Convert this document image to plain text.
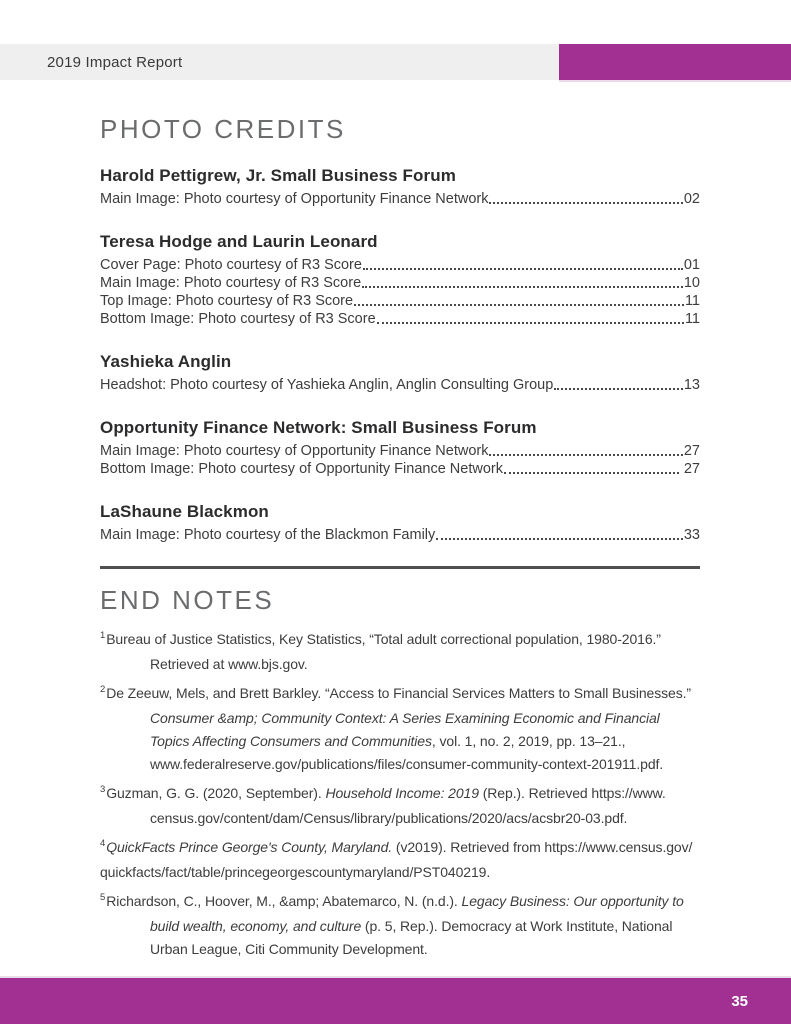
2019 Impact Report
PHOTO CREDITS
Harold Pettigrew, Jr. Small Business Forum
Main Image: Photo courtesy of Opportunity Finance Network	02
Teresa Hodge and Laurin Leonard
Cover Page: Photo courtesy of R3 Score	01
Main Image: Photo courtesy of R3 Score	10
Top Image: Photo courtesy of R3 Score	11
Bottom Image: Photo courtesy of R3 Score	11
Yashieka Anglin
Headshot: Photo courtesy of Yashieka Anglin, Anglin Consulting Group	13
Opportunity Finance Network: Small Business Forum
Main Image: Photo courtesy of Opportunity Finance Network	27
Bottom Image: Photo courtesy of Opportunity Finance Network	27
LaShaune Blackmon
Main Image: Photo courtesy of the Blackmon Family	33
END NOTES
$^1$Bureau of Justice Statistics, Key Statistics, “Total adult correctional population, 1980-2016.”
Retrieved at www.bjs.gov.
$^2$De Zeeuw, Mels, and Brett Barkley. “Access to Financial Services Matters to Small Businesses.”
Consumer &amp; Community Context: A Series Examining Economic and Financial
Topics Affecting Consumers and Communities, vol. 1, no. 2, 2019, pp. 13–21.,
www.federalreserve.gov/publications/files/consumer-community-context-201911.pdf.
$^3$Guzman, G. G. (2020, September). Household Income: 2019 (Rep.). Retrieved https://www.
census.gov/content/dam/Census/library/publications/2020/acs/acsbr20-03.pdf.
$^4$QuickFacts Prince George's County, Maryland. (v2019). Retrieved from https://www.census.gov/
quickfacts/fact/table/princegeorgescountymaryland/PST040219.
$^5$Richardson, C., Hoover, M., &amp; Abatemarco, N. (n.d.). Legacy Business: Our opportunity to
build wealth, economy, and culture (p. 5, Rep.). Democracy at Work Institute, National
Urban League, Citi Community Development.
35
